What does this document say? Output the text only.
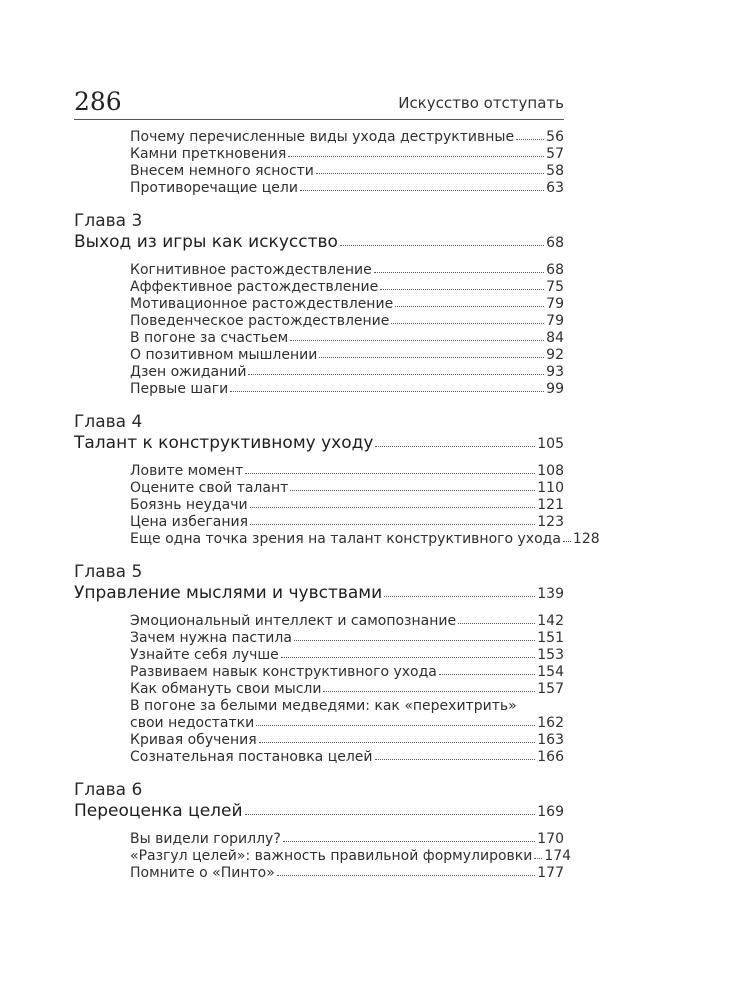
286	Искусство отступать
Почему перечисленные виды ухода деструктивные 56
Камни преткновения	57
Внесем немного ясности	58
Противоречащие цели	63
Глава 3
Выход из игры как искусство	68
Когнитивное растождествление	68
Аффективное растождествление	75
Мотивационное растождествление	79
Поведенческое растождествление	79
В погоне за счастьем	84
О позитивном мышлении	92
Дзен ожиданий	93
Первые шаги	99
Глава 4
Талант к конструктивному уходу	105
Ловите момент	108
Оцените свой талант	110
Боязнь неудачи	121
Цена избегания	123
Еще одна точка зрения на талант конструктивного ухода 128
Глава 5
Управление мыслями и чувствами	139
Эмоциональный интеллект и самопознание	142
Зачем нужна пастила	151
Узнайте себя лучше	153
Развиваем навык конструктивного ухода	154
Как обмануть свои мысли	157
В погоне за белыми медведями: как «перехитрить»
свои недостатки	162
Кривая обучения	163
Сознательная постановка целей	166
Глава 6
Переоценка целей	169
Вы видели гориллу?	170
«Разгул целей»: важность правильной формулировки 174
Помните о «Пинто»	177
